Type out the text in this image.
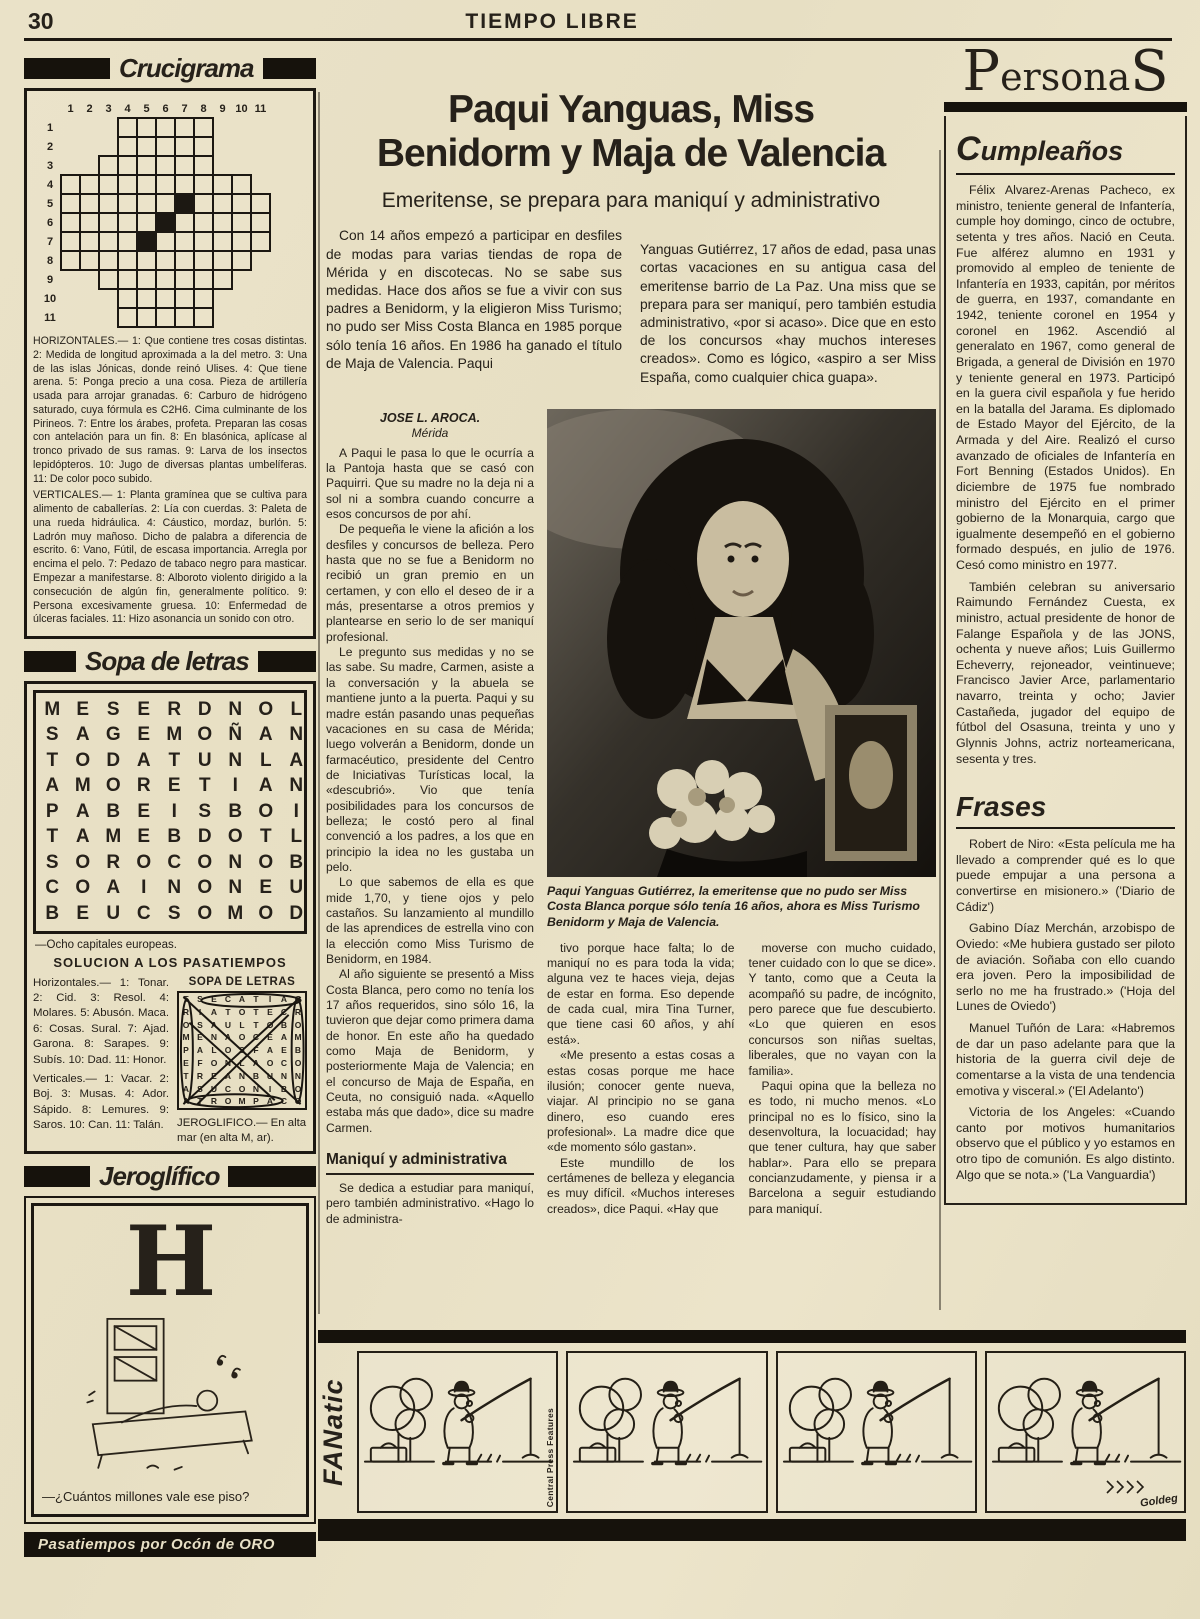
30	TIEMPO LIBRE
Crucigrama
1	2	3	4	5	6	7	8	9 10 11
1
2
3
4
5
6
7
8
9
10
11

HORIZONTALES.— 1: Que contiene tres cosas distintas. 2: Medida de longitud aproximada a la del metro. 3: Una de las islas Jónicas, donde reinó Ulises. 4: Que tiene arena. 5: Ponga precio a una cosa. Pieza de artillería usada para arrojar granadas. 6: Carburo de hidrógeno saturado, cuya fórmula es C2H6. Cima culminante de los Pirineos. 7: Entre los árabes, profeta. Preparan las cosas con antelación para un fin. 8: En blasónica, aplícase al tronco privado de sus ramas. 9: Larva de los insectos lepidópteros. 10: Jugo de diversas plantas umbelíferas. 11: De color poco subido.

VERTICALES.— 1: Planta gramínea que se cultiva para alimento de caballerías. 2: Lía con cuerdas. 3: Paleta de una rueda hidráulica. 4: Cáustico, mordaz, burlón. 5: Ladrón muy mañoso. Dicho de palabra a diferencia de escrito. 6: Vano, Fútil, de escasa importancia. Arregla por encima el pelo. 7: Pedazo de tabaco negro para masticar. Empezar a manifestarse. 8: Alboroto violento dirigido a la consecución de algún fin, generalmente político. 9: Persona excesivamente gruesa. 10: Enfermedad de úlceras faciales. 11: Hizo asonancia un sonido con otro.

Sopa de letras
M E S E R D N O L
S A G E M O Ñ A N
T O D A T U N L A
A M O R E T	I	A N
P A B E	I	S B O	I
T A M E B D O T L
S O R O C O N O B
C O A	I	N O N E U
B E U C S O M O D

—Ocho capitales europeas.

SOLUCION A LOS PASATIEMPOS

Horizontales.— 1: Tonar. 2: Cid. 3: Resol. 4: Molares. 5: Abusón. Maca. 6: Cosas. Sural. 7: Ajad. Garona. 8: Sarapes. 9: Subís. 10: Dad. 11: Honor.

Verticales.— 1: Vacar. 2: Boj. 3: Musas. 4: Ador. Sápido. 8: Lemures. 9: Saros. 10: Can. 11: Talán.

SOPA DE LETRAS

T	S E C A T	I	A G
R	I	A T O T	E C R
O S A U L	T O B O
M E N A O C E A M
P A L O S	F A E B
E	F O N L A O C O
T R E A N B U N N
A S U C O N	I	B O
A T R O M P A C O

JEROGLIFICO.— En alta mar (en alta M, ar).

Jeroglífico
H

—¿Cuántos millones vale ese piso?

Pasatiempos por Ocón de ORO
Paqui Yanguas, Miss
Benidorm y Maja de Valencia
Emeritense, se prepara para maniquí y administrativo

Con 14 años empezó a participar en desfiles de modas para varias tiendas de ropa de Mérida y en discotecas. No se sabe sus medidas. Hace dos años se fue a vivir con sus padres a Benidorm, y la eligieron Miss Turismo; no pudo ser Miss Costa Blanca en 1985 porque sólo tenía 16 años. En 1986 ha ganado el título de Maja de Valencia. Paqui

Yanguas Gutiérrez, 17 años de edad, pasa unas cortas vacaciones en su antigua casa del emeritense barrio de La Paz. Una miss que se prepara para ser maniquí, pero también estudia administrativo, «por si acaso». Dice que en esto de los concursos «hay muchos intereses creados». Como es lógico, «aspiro a ser Miss España, como cualquier chica guapa».

JOSE L. AROCA.

Mérida

A Paqui le pasa lo que le ocurría a la Pantoja hasta que se casó con Paquirri. Que su madre no la deja ni a sol ni a sombra cuando concurre a esos concursos de por ahí.

De pequeña le viene la afición a los desfiles y concursos de belleza. Pero hasta que no se fue a Benidorm no recibió un gran premio en un certamen, y con ello el deseo de ir a más, presentarse a otros premios y plantearse en serio lo de ser maniquí profesional.

Le pregunto sus medidas y no se las sabe. Su madre, Carmen, asiste a la conversación y la abuela se mantiene junto a la puerta. Paqui y su madre están pasando unas pequeñas vacaciones en su casa de Mérida; luego volverán a Benidorm, donde un farmacéutico, presidente del Centro de Iniciativas Turísticas local, la «descubrió». Vio que tenía posibilidades para los concursos de belleza; le costó pero al final convenció a los padres, a los que en principio la idea no les gustaba un pelo.

Lo que sabemos de ella es que mide 1,70, y tiene ojos y pelo castaños. Su lanzamiento al mundillo de las aprendices de estrella vino con la elección como Miss Turismo de Benidorm, en 1984.

Al año siguiente se presentó a Miss Costa Blanca, pero como no tenía los 17 años requeridos, sino sólo 16, la tuvieron que dejar como primera dama de honor. En este año ha quedado como Maja de Benidorm, y posteriormente Maja de Valencia; en el concurso de Maja de España, en Ceuta, no consiguió nada. «Aquello estaba más que dado», dice su madre Carmen.

Maniquí y administrativa

Se dedica a estudiar para maniquí, pero también administrativo. «Hago lo de administra-

Paqui Yanguas Gutiérrez, la emeritense que no pudo ser Miss Costa Blanca porque sólo tenía 16 años, ahora es Miss Turismo Benidorm y Maja de Valencia.

tivo porque hace falta; lo de maniquí no es para toda la vida; alguna vez te haces vieja, dejas de estar en forma. Eso depende de cada cual, mira Tina Turner, que tiene casi 60 años, y ahí está».

«Me presento a estas cosas a estas cosas porque me hace ilusión; conocer gente nueva, viajar. Al principio no se gana dinero, eso cuando eres profesional». La madre dice que «de momento sólo gastan».

Este mundillo de los certámenes de belleza y elegancia es muy difícil. «Muchos intereses creados», dice Paqui. «Hay que

moverse con mucho cuidado, tener cuidado con lo que se dice». Y tanto, como que a Ceuta la acompañó su padre, de incógnito, pero parece que fue descubierto. «Lo que quieren en esos concursos son niñas sueltas, liberales, que no vayan con la familia».

Paqui opina que la belleza no es todo, ni mucho menos. «Lo principal no es lo físico, sino la desenvoltura, la locuacidad; hay que tener cultura, hay que saber hablar». Para ello se prepara concianzudamente, y piensa ir a Barcelona a seguir estudiando para maniquí.

PersonaS
Cumpleaños

Félix Alvarez-Arenas Pacheco, ex ministro, teniente general de Infantería, cumple hoy domingo, cinco de octubre, setenta y tres años. Nació en Ceuta. Fue alférez alumno en 1931 y promovido al empleo de teniente de Infantería en 1933, capitán, por méritos de guerra, en 1937, comandante en 1942, teniente coronel en 1954 y coronel en 1962. Ascendió al generalato en 1967, como general de Brigada, a general de División en 1970 y teniente general en 1973. Participó en la guera civil española y fue herido en la batalla del Jarama. Es diplomado de Estado Mayor del Ejército, de la Armada y del Aire. Realizó el curso avanzado de oficiales de Infantería en Fort Benning (Estados Unidos). En diciembre de 1975 fue nombrado ministro del Ejército en el primer gobierno de la Monarquia, cargo que igualmente desempeñó en el gobierno formado después, en julio de 1976. Cesó como ministro en 1977.

También celebran su aniversario Raimundo Fernández Cuesta, ex ministro, actual presidente de honor de Falange Española y de las JONS, ochenta y nueve años; Luis Guillermo Echeverry, rejoneador, veintinueve; Francisco Javier Arce, parlamentario navarro, treinta y ocho; Javier Castañeda, jugador del equipo de fútbol del Osasuna, treinta y uno y Glynnis Johns, actriz norteamericana, sesenta y tres.

Frases

Robert de Niro: «Esta película me ha llevado a comprender qué es lo que puede empujar a una persona a convertirse en misionero.» ('Diario de Cádiz')

Gabino Díaz Merchán, arzobispo de Oviedo: «Me hubiera gustado ser piloto de aviación. Soñaba con ello cuando era joven. Pero la imposibilidad de serlo no me ha frustrado.» ('Hoja del Lunes de Oviedo')

Manuel Tuñón de Lara: «Habremos de dar un paso adelante para que la historia de la guerra civil deje de comentarse a la vista de una tendencia emotiva y visceral.» ('El Adelanto')

Victoria de los Angeles: «Cuando canto por motivos humanitarios observo que el público y yo estamos en otro tipo de comunión. Es algo distinto. Algo que se nota.» ('La Vanguardia')

FANatic	Central Press Features	Goldeg
